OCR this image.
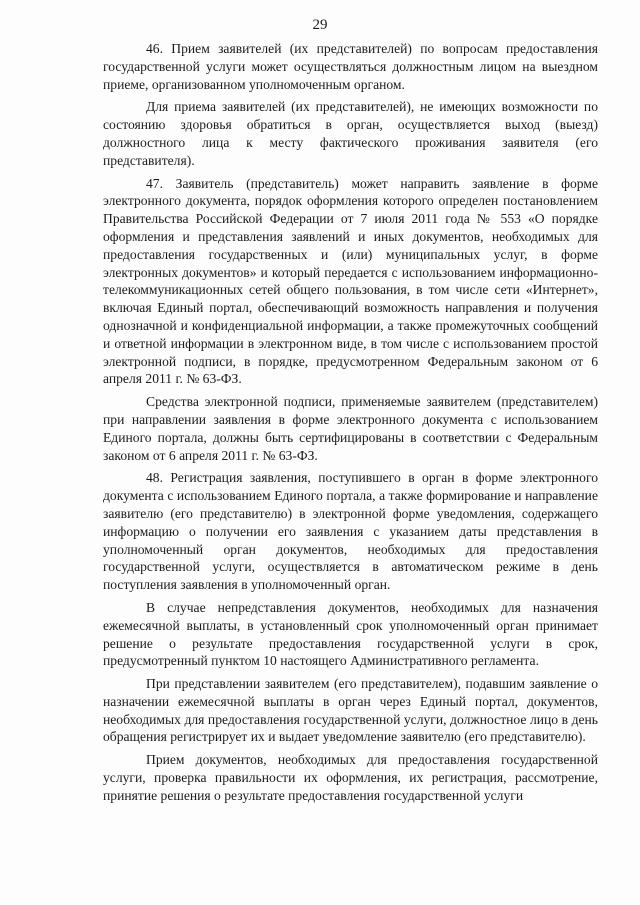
29

46. Прием заявителей (их представителей) по вопросам предоставления государственной услуги может осуществляться должностным лицом на выездном приеме, организованном уполномоченным органом.

Для приема заявителей (их представителей), не имеющих возможности по состоянию здоровья обратиться в орган, осуществляется выход (выезд) должностного лица к месту фактического проживания заявителя (его представителя).

47. Заявитель (представитель) может направить заявление в форме электронного документа, порядок оформления которого определен постановлением Правительства Российской Федерации от 7 июля 2011 года № 553 «О порядке оформления и представления заявлений и иных документов, необходимых для предоставления государственных и (или) муниципальных услуг, в форме электронных документов» и который передается с использованием информационно-телекоммуникационных сетей общего пользования, в том числе сети «Интернет», включая Единый портал, обеспечивающий возможность направления и получения однозначной и конфиденциальной информации, а также промежуточных сообщений и ответной информации в электронном виде, в том числе с использованием простой электронной подписи, в порядке, предусмотренном Федеральным законом от 6 апреля 2011 г. № 63-ФЗ.

Средства электронной подписи, применяемые заявителем (представителем) при направлении заявления в форме электронного документа с использованием Единого портала, должны быть сертифицированы в соответствии с Федеральным законом от 6 апреля 2011 г. № 63-ФЗ.

48. Регистрация заявления, поступившего в орган в форме электронного документа с использованием Единого портала, а также формирование и направление заявителю (его представителю) в электронной форме уведомления, содержащего информацию о получении его заявления с указанием даты представления в уполномоченный орган документов, необходимых для предоставления государственной услуги, осуществляется в автоматическом режиме в день поступления заявления в уполномоченный орган.

В случае непредставления документов, необходимых для назначения ежемесячной выплаты, в установленный срок уполномоченный орган принимает решение о результате предоставления государственной услуги в срок, предусмотренный пунктом 10 настоящего Административного регламента.

При представлении заявителем (его представителем), подавшим заявление о назначении ежемесячной выплаты в орган через Единый портал, документов, необходимых для предоставления государственной услуги, должностное лицо в день обращения регистрирует их и выдает уведомление заявителю (его представителю).

Прием документов, необходимых для предоставления государственной услуги, проверка правильности их оформления, их регистрация, рассмотрение, принятие решения о результате предоставления государственной услуги
